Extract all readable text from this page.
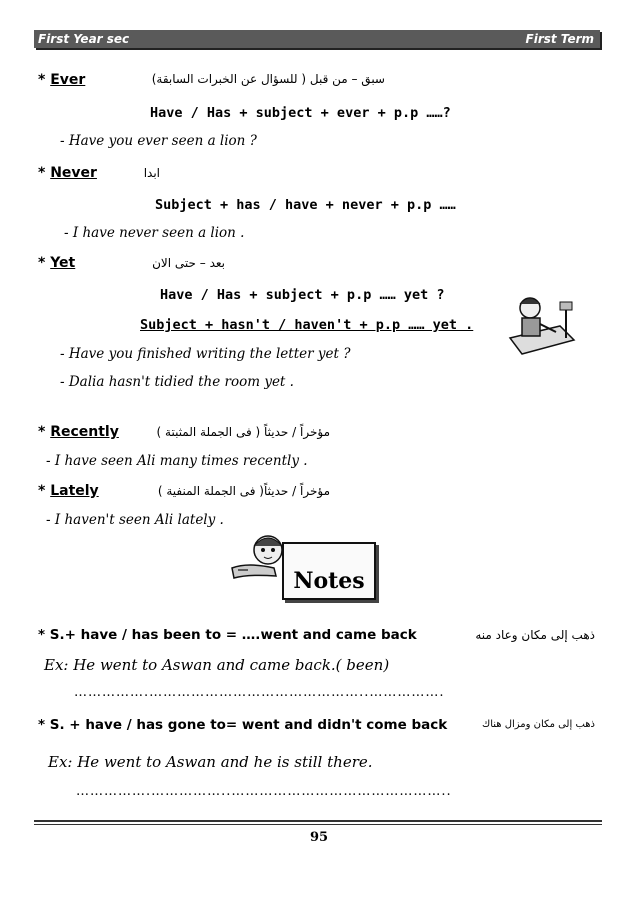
First Year sec	First Term
* Ever	سبق – من قبل ( للسؤال عن الخبرات السابقة)
Have / Has + subject + ever + p.p ……?
- Have you ever seen a lion ?
* Never	ابدا
Subject + has / have + never + p.p ……
- I have never seen a lion .
* Yet	بعد – حتى الان
Have / Has + subject + p.p …… yet ?
Subject + hasn't / haven't + p.p …… yet .
- Have you finished writing the letter yet ?
- Dalia hasn't tidied the room yet .
* Recently	مؤخراً / حديثاً ( فى الجملة المثبتة )
- I have seen Ali many times recently .
* Lately	مؤخراً / حديثاً( فى الجملة المنفية )
- I haven't seen Ali lately .
Notes
* S.+ have / has been to = ….went and came back	ذهب إلى مكان وعاد منه
Ex: He went to Aswan and came back.( been)
…………….………………………………………..…………….
* S. + have / has gone to= went and didn't come back	ذهب إلى مكان ومزال هناك
Ex: He went to Aswan and he is still there.
…………….……………..………………………………………..
95
